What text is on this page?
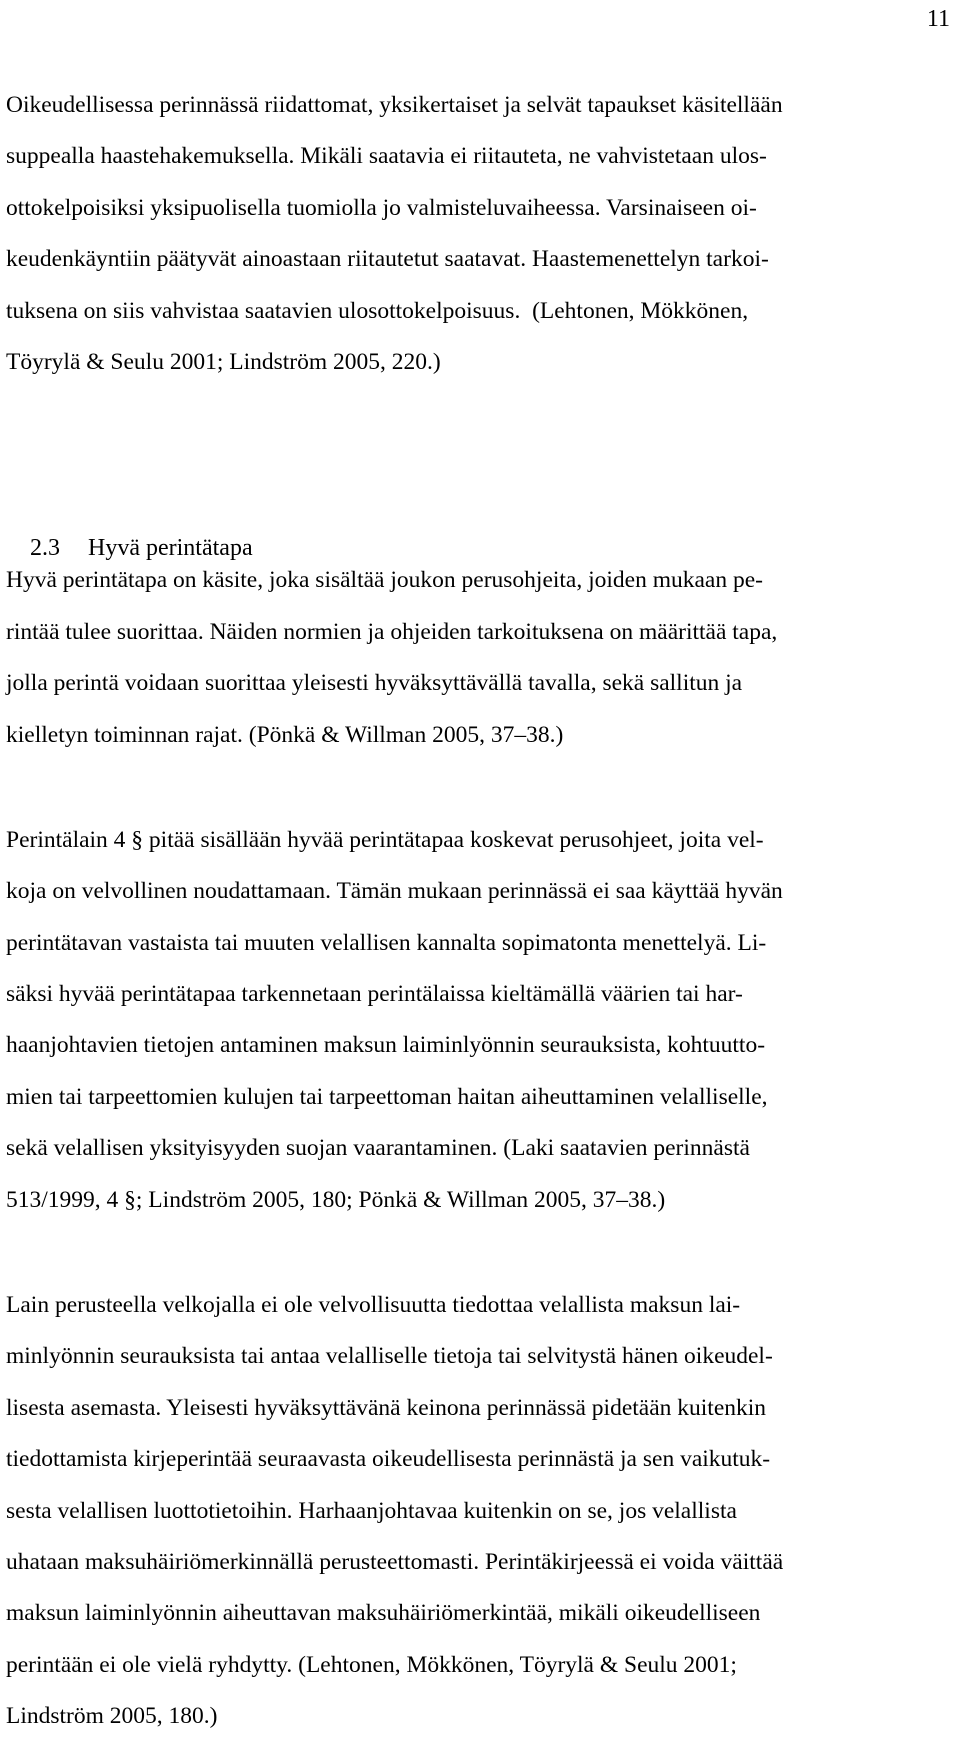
11
Oikeudellisessa perinnässä riidattomat, yksikertaiset ja selvät tapaukset käsitellään
suppealla haastehakemuksella. Mikäli saatavia ei riitauteta, ne vahvistetaan ulos-
ottokelpoisiksi yksipuolisella tuomiolla jo valmisteluvaiheessa. Varsinaiseen oi-
keudenkäyntiin päätyvät ainoastaan riitautetut saatavat. Haastemenettelyn tarkoi-
tuksena on siis vahvistaa saatavien ulosottokelpoisuus.  (Lehtonen, Mökkönen,
Töyrylä & Seulu 2001; Lindström 2005, 220.)

2.3 Hyvä perintätapa

Hyvä perintätapa on käsite, joka sisältää joukon perusohjeita, joiden mukaan pe-
rintää tulee suorittaa. Näiden normien ja ohjeiden tarkoituksena on määrittää tapa,
jolla perintä voidaan suorittaa yleisesti hyväksyttävällä tavalla, sekä sallitun ja
kielletyn toiminnan rajat. (Pönkä & Willman 2005, 37–38.)
Perintälain 4 § pitää sisällään hyvää perintätapaa koskevat perusohjeet, joita vel-
koja on velvollinen noudattamaan. Tämän mukaan perinnässä ei saa käyttää hyvän
perintätavan vastaista tai muuten velallisen kannalta sopimatonta menettelyä. Li-
säksi hyvää perintätapaa tarkennetaan perintälaissa kieltämällä väärien tai har-
haanjohtavien tietojen antaminen maksun laiminlyönnin seurauksista, kohtuutto-
mien tai tarpeettomien kulujen tai tarpeettoman haitan aiheuttaminen velalliselle,
sekä velallisen yksityisyyden suojan vaarantaminen. (Laki saatavien perinnästä
513/1999, 4 §; Lindström 2005, 180; Pönkä & Willman 2005, 37–38.)
Lain perusteella velkojalla ei ole velvollisuutta tiedottaa velallista maksun lai-
minlyönnin seurauksista tai antaa velalliselle tietoja tai selvitystä hänen oikeudel-
lisesta asemasta. Yleisesti hyväksyttävänä keinona perinnässä pidetään kuitenkin
tiedottamista kirjeperintää seuraavasta oikeudellisesta perinnästä ja sen vaikutuk-
sesta velallisen luottotietoihin. Harhaanjohtavaa kuitenkin on se, jos velallista
uhataan maksuhäiriömerkinnällä perusteettomasti. Perintäkirjeessä ei voida väittää
maksun laiminlyönnin aiheuttavan maksuhäiriömerkintää, mikäli oikeudelliseen
perintään ei ole vielä ryhdytty. (Lehtonen, Mökkönen, Töyrylä & Seulu 2001;
Lindström 2005, 180.)
